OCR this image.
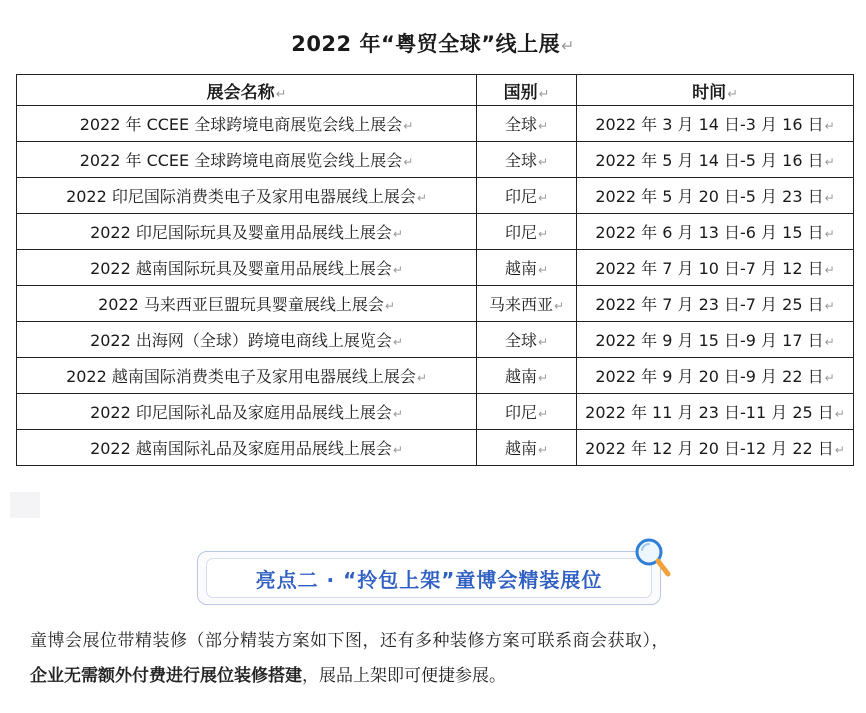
2022 年“粤贸全球”线上展↵
展会名称↵	国别↵	时间↵
2022 年 CCEE 全球跨境电商展览会线上展会↵	全球↵	2022 年 3 月 14 日-3 月 16 日↵
2022 年 CCEE 全球跨境电商展览会线上展会↵	全球↵	2022 年 5 月 14 日-5 月 16 日↵
2022 印尼国际消费类电子及家用电器展线上展会↵	印尼↵	2022 年 5 月 20 日-5 月 23 日↵
2022 印尼国际玩具及婴童用品展线上展会↵	印尼↵	2022 年 6 月 13 日-6 月 15 日↵
2022 越南国际玩具及婴童用品展线上展会↵	越南↵	2022 年 7 月 10 日-7 月 12 日↵
2022 马来西亚巨盟玩具婴童展线上展会↵	马来西亚↵	2022 年 7 月 23 日-7 月 25 日↵
2022 出海网（全球）跨境电商线上展览会↵	全球↵	2022 年 9 月 15 日-9 月 17 日↵
2022 越南国际消费类电子及家用电器展线上展会↵	越南↵	2022 年 9 月 20 日-9 月 22 日↵
2022 印尼国际礼品及家庭用品展线上展会↵	印尼↵	2022 年 11 月 23 日-11 月 25 日↵
2022 越南国际礼品及家庭用品展线上展会↵	越南↵	2022 年 12 月 20 日-12 月 22 日↵
亮点二 · “拎包上架”童博会精装展位
童博会展位带精装修（部分精装方案如下图，还有多种装修方案可联系商会获取），
企业无需额外付费进行展位装修搭建，展品上架即可便捷参展。
